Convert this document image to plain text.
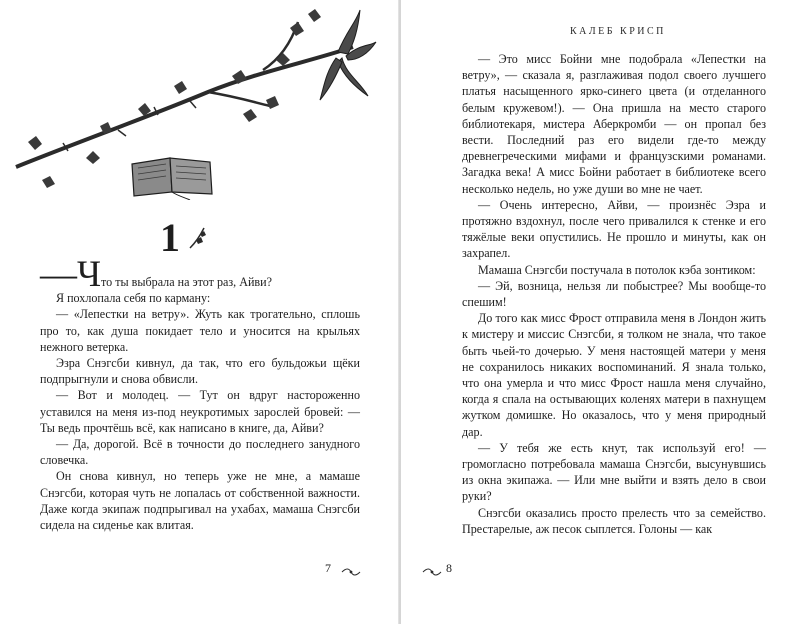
1

—Что ты выбрала на этот раз, Айви?

Я похлопала себя по карману:

— «Лепестки на ветру». Жуть как трогательно, сплошь про то, как душа покидает тело и уносится на крыльях нежного ветерка.

Эзра Снэгсби кивнул, да так, что его бульдожьи щёки подпрыгнули и снова обвисли.

— Вот и молодец. — Тут он вдруг настороженно уставился на меня из-под неукротимых зарослей бровей: — Ты ведь прочтёшь всё, как написано в книге, да, Айви?

— Да, дорогой. Всё в точности до последнего занудного словечка.

Он снова кивнул, но теперь уже не мне, а мамаше Снэгсби, которая чуть не лопалась от собственной важности. Даже когда экипаж подпрыгивал на ухабах, мамаша Снэгсби сидела на сиденье как влитая.

7
КАЛЕБ КРИСП

— Это мисс Бойни мне подобрала «Лепестки на ветру», — сказала я, разглаживая подол своего лучшего платья насыщенного ярко-синего цвета (и отделанного белым кружевом!). — Она пришла на место старого библиотекаря, мистера Аберкромби — он пропал без вести. Последний раз его видели где-то между древнегреческими мифами и французскими романами. Загадка века! А мисс Бойни работает в библиотеке всего несколько недель, но уже души во мне не чает.

— Очень интересно, Айви, — произнёс Эзра и протяжно вздохнул, после чего привалился к стенке и его тяжёлые веки опустились. Не прошло и минуты, как он захрапел.

Мамаша Снэгсби постучала в потолок кэба зонтиком:

— Эй, возница, нельзя ли побыстрее? Мы вообще-то спешим!

До того как мисс Фрост отправила меня в Лондон жить к мистеру и миссис Снэгсби, я толком не знала, что такое быть чьей-то дочерью. У меня настоящей матери у меня не сохранилось никаких воспоминаний. Я знала только, что она умерла и что мисс Фрост нашла меня случайно, когда я спала на остывающих коленях матери в пахнущем жутком домишке. Но оказалось, что у меня природный дар.

— У тебя же есть кнут, так используй его! — громогласно потребовала мамаша Снэгсби, высунувшись из окна экипажа. — Или мне выйти и взять дело в свои руки?

Снэгсби оказались просто прелесть что за семейство. Престарелые, аж песок сыплется. Голоны — как

8
